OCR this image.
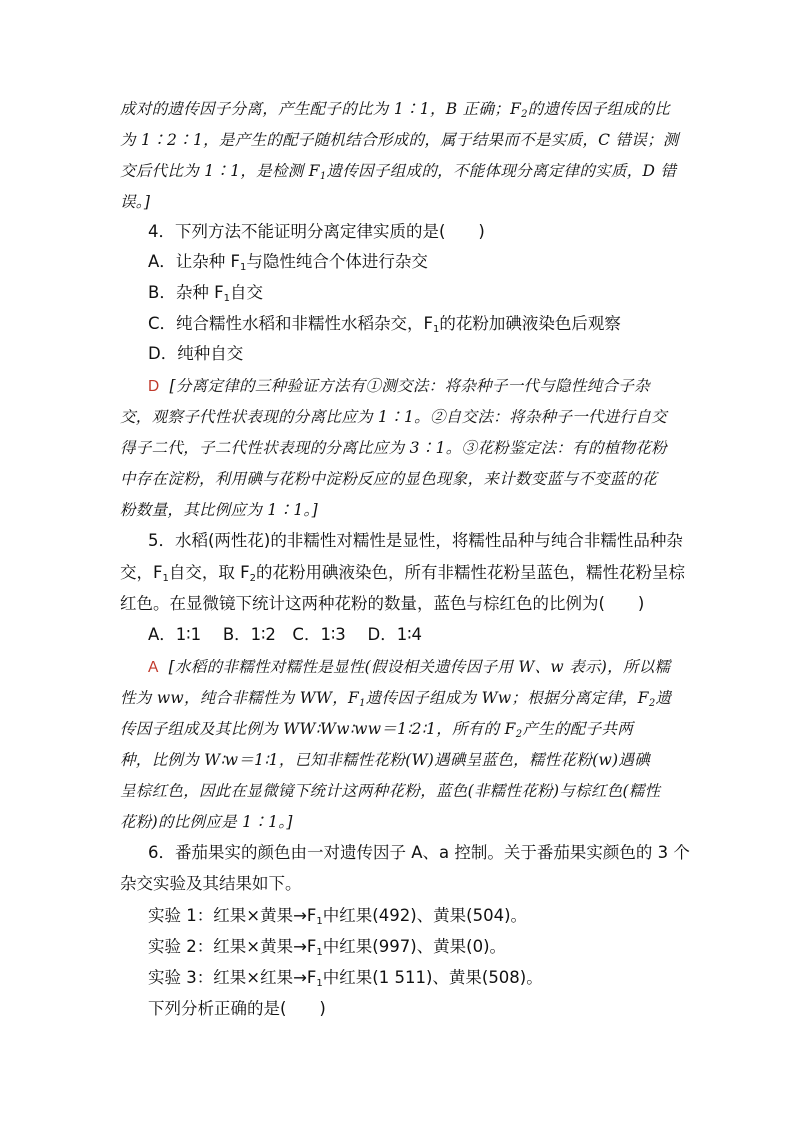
成对的遗传因子分离，产生配子的比为 1∶1，B 正确；$F_2$的遗传因子组成的比
为 1∶2∶1，是产生的配子随机结合形成的，属于结果而不是实质，C 错误；测
交后代比为 1∶1，是检测 $F_1$遗传因子组成的，不能体现分离定律的实质，D 错
误。]
4．下列方法不能证明分离定律实质的是(　　)
A．让杂种 $F_1$与隐性纯合个体进行杂交
B．杂种 $F_1$自交
C．纯合糯性水稻和非糯性水稻杂交，$F_1$的花粉加碘液染色后观察
D．纯种自交
D [分离定律的三种验证方法有①测交法：将杂种子一代与隐性纯合子杂
交，观察子代性状表现的分离比应为 1∶1。②自交法：将杂种子一代进行自交
得子二代，子二代性状表现的分离比应为 3∶1。③花粉鉴定法：有的植物花粉
中存在淀粉，利用碘与花粉中淀粉反应的显色现象，来计数变蓝与不变蓝的花
粉数量，其比例应为 1∶1。]
5．水稻(两性花)的非糯性对糯性是显性，将糯性品种与纯合非糯性品种杂
交，$F_1$自交，取 $F_2$的花粉用碘液染色，所有非糯性花粉呈蓝色，糯性花粉呈棕
红色。在显微镜下统计这两种花粉的数量，蓝色与棕红色的比例为(　　)
A．1∶1　 B．1∶2　C．1∶3　 D．1∶4
A [水稻的非糯性对糯性是显性(假设相关遗传因子用 W、w 表示)，所以糯
性为 ww，纯合非糯性为 WW，$F_1$遗传因子组成为 Ww；根据分离定律，$F_2$遗
传因子组成及其比例为 WW∶Ww∶ww＝1∶2∶1，所有的 $F_2$产生的配子共两
种，比例为 W∶w＝1∶1，已知非糯性花粉(W)遇碘呈蓝色，糯性花粉(w)遇碘
呈棕红色，因此在显微镜下统计这两种花粉，蓝色(非糯性花粉)与棕红色(糯性
花粉)的比例应是 1∶1。]
6．番茄果实的颜色由一对遗传因子 A、a 控制。关于番茄果实颜色的 3 个
杂交实验及其结果如下。
实验 1：红果×黄果$\to F_1$中红果(492)、黄果(504)。
实验 2：红果×黄果$\to F_1$中红果(997)、黄果(0)。
实验 3：红果×红果$\to F_1$中红果(1 511)、黄果(508)。
下列分析正确的是(　　)
